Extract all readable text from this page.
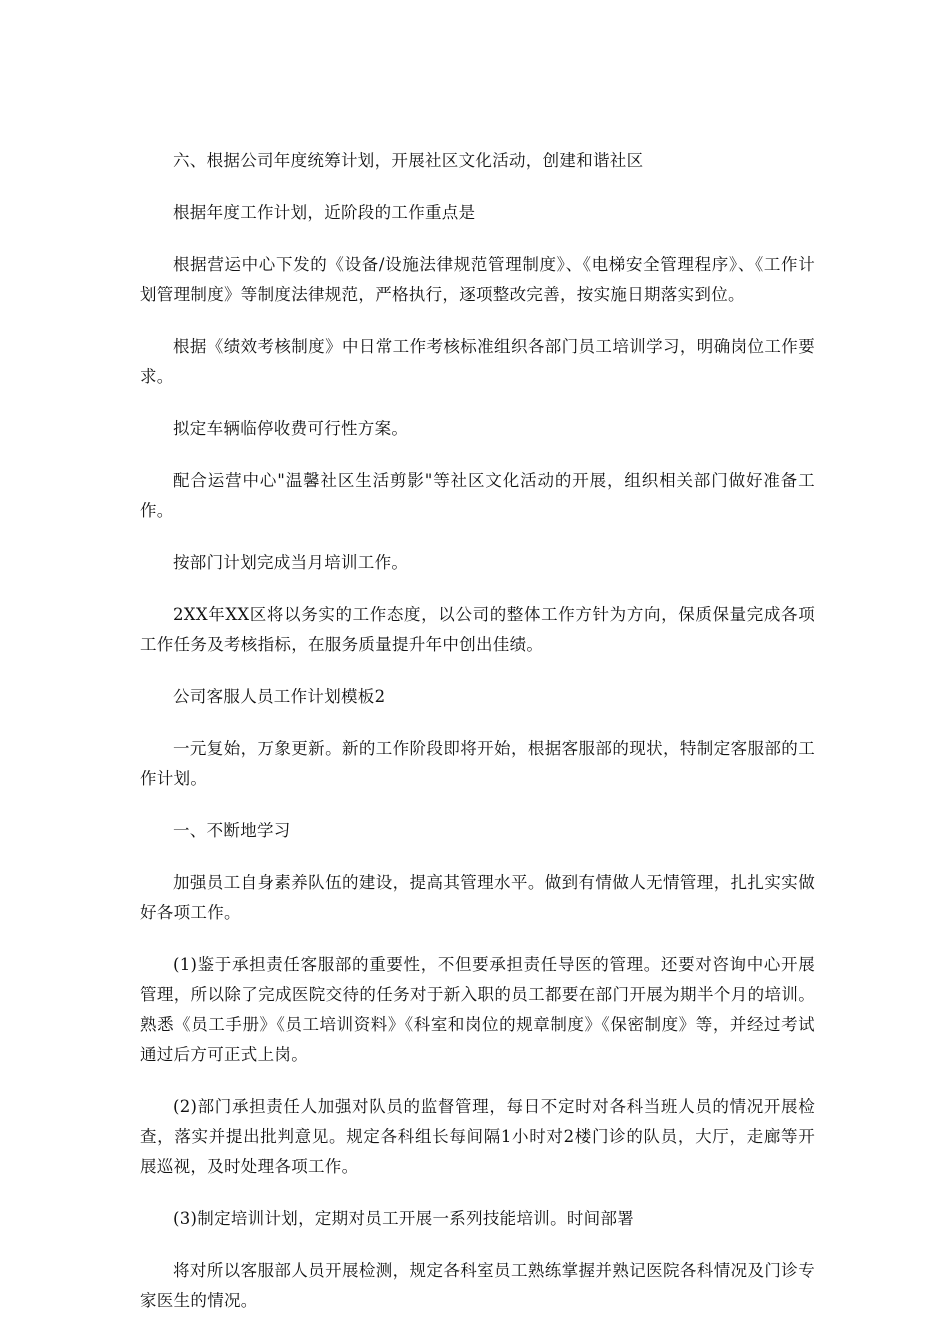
六、根据公司年度统筹计划，开展社区文化活动，创建和谐社区

根据年度工作计划，近阶段的工作重点是

根据营运中心下发的《设备/设施法律规范管理制度》、《电梯安全管理程序》、《工作计划管理制度》等制度法律规范，严格执行，逐项整改完善，按实施日期落实到位。

根据《绩效考核制度》中日常工作考核标准组织各部门员工培训学习，明确岗位工作要求。

拟定车辆临停收费可行性方案。

配合运营中心"温馨社区生活剪影"等社区文化活动的开展，组织相关部门做好准备工作。

按部门计划完成当月培训工作。

2XX年XX区将以务实的工作态度，以公司的整体工作方针为方向，保质保量完成各项工作任务及考核指标，在服务质量提升年中创出佳绩。

公司客服人员工作计划模板2

一元复始，万象更新。新的工作阶段即将开始，根据客服部的现状，特制定客服部的工作计划。

一、不断地学习

加强员工自身素养队伍的建设，提高其管理水平。做到有情做人无情管理，扎扎实实做好各项工作。

(1)鉴于承担责任客服部的重要性，不但要承担责任导医的管理。还要对咨询中心开展管理，所以除了完成医院交待的任务对于新入职的员工都要在部门开展为期半个月的培训。熟悉《员工手册》《员工培训资料》《科室和岗位的规章制度》《保密制度》等，并经过考试通过后方可正式上岗。

(2)部门承担责任人加强对队员的监督管理，每日不定时对各科当班人员的情况开展检查，落实并提出批判意见。规定各科组长每间隔1小时对2楼门诊的队员，大厅，走廊等开展巡视，及时处理各项工作。

(3)制定培训计划，定期对员工开展一系列技能培训。时间部署

将对所以客服部人员开展检测，规定各科室员工熟练掌握并熟记医院各科情况及门诊专家医生的情况。
